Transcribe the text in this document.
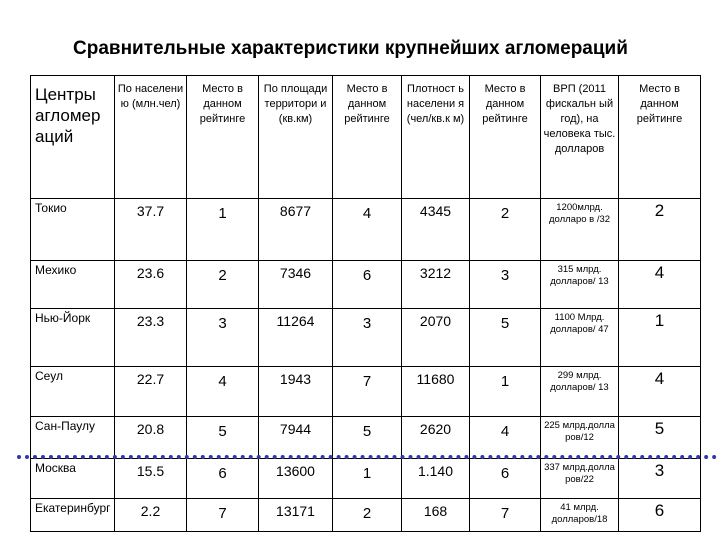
Сравнительные характеристики крупнейших агломераций
Центры агломер аций	По населени ю (млн.чел)	Место в данном рейтинге	По площади территори и (кв.км)	Место в данном рейтинге	Плотност ь населени я (чел/кв.к м)	Место в данном рейтинге	ВРП (2011 фискальн ый год), на человека тыс. долларов	Место в данном рейтинге
Токио	37.7	1	8677	4	4345	2	1200млрд. долларо в /32	2
Мехико	23.6	2	7346	6	3212	3	315 млрд. долларов/ 13	4
Нью-Йорк	23.3	3	11264	3	2070	5	1100 Млрд. долларов/ 47	1
Сеул	22.7	4	1943	7	11680	1	299 млрд. долларов/ 13	4
Сан-Паулу	20.8	5	7944	5	2620	4	225 млрд.долла ров/12	5
Москва	15.5	6	13600	1	1.140	6	337 млрд.долла ров/22	3
Екатеринбург	2.2	7	13171	2	168	7	41 млрд. долларов/18	6
